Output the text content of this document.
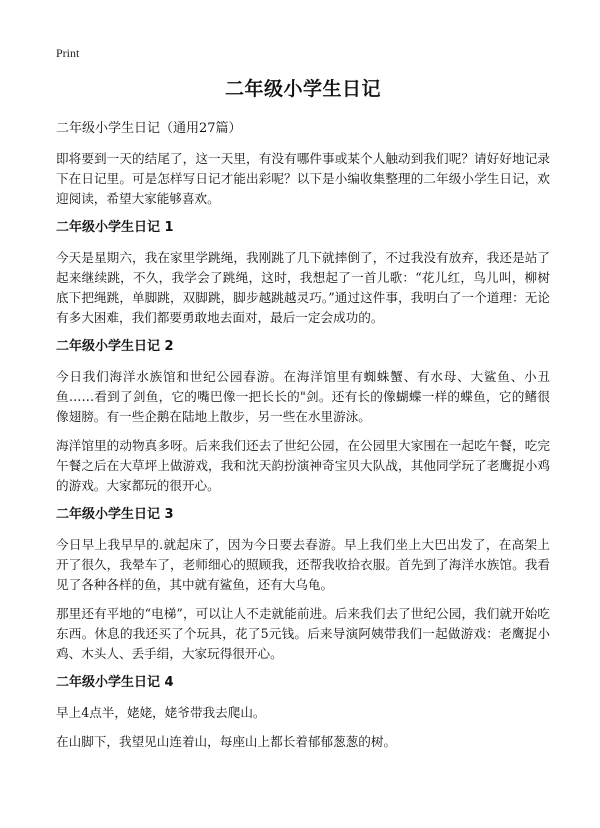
Print
二年级小学生日记
二年级小学生日记（通用27篇）

即将要到一天的结尾了，这一天里，有没有哪件事或某个人触动到我们呢？请好好地记录下在日记里。可是怎样写日记才能出彩呢？以下是小编收集整理的二年级小学生日记，欢迎阅读，希望大家能够喜欢。

二年级小学生日记 1

今天是星期六，我在家里学跳绳，我刚跳了几下就摔倒了，不过我没有放弃，我还是站了起来继续跳，不久，我学会了跳绳，这时，我想起了一首儿歌：“花儿红，鸟儿叫，柳树底下把绳跳，单脚跳，双脚跳，脚步越跳越灵巧。”通过这件事，我明白了一个道理：无论有多大困难，我们都要勇敢地去面对，最后一定会成功的。

二年级小学生日记 2

今日我们海洋水族馆和世纪公园春游。在海洋馆里有蜘蛛蟹、有水母、大鲨鱼、小丑鱼……看到了剑鱼，它的嘴巴像一把长长的"剑。还有长的像蝴蝶一样的蝶鱼，它的鳍很像翅膀。有一些企鹅在陆地上散步，另一些在水里游泳。

海洋馆里的动物真多呀。后来我们还去了世纪公园，在公园里大家围在一起吃午餐，吃完午餐之后在大草坪上做游戏，我和沈天韵扮演神奇宝贝大队战，其他同学玩了老鹰捉小鸡的游戏。大家都玩的很开心。

二年级小学生日记 3

今日早上我早早的.就起床了，因为今日要去春游。早上我们坐上大巴出发了，在高架上开了很久，我晕车了，老师细心的照顾我，还帮我收拾衣服。首先到了海洋水族馆。我看见了各种各样的鱼，其中就有鲨鱼，还有大乌龟。

那里还有平地的“电梯”，可以让人不走就能前进。后来我们去了世纪公园，我们就开始吃东西。休息的我还买了个玩具，花了5元钱。后来导演阿姨带我们一起做游戏：老鹰捉小鸡、木头人、丢手绢，大家玩得很开心。

二年级小学生日记 4

早上4点半，姥姥，姥爷带我去爬山。

在山脚下，我望见山连着山，每座山上都长着郁郁葱葱的树。
